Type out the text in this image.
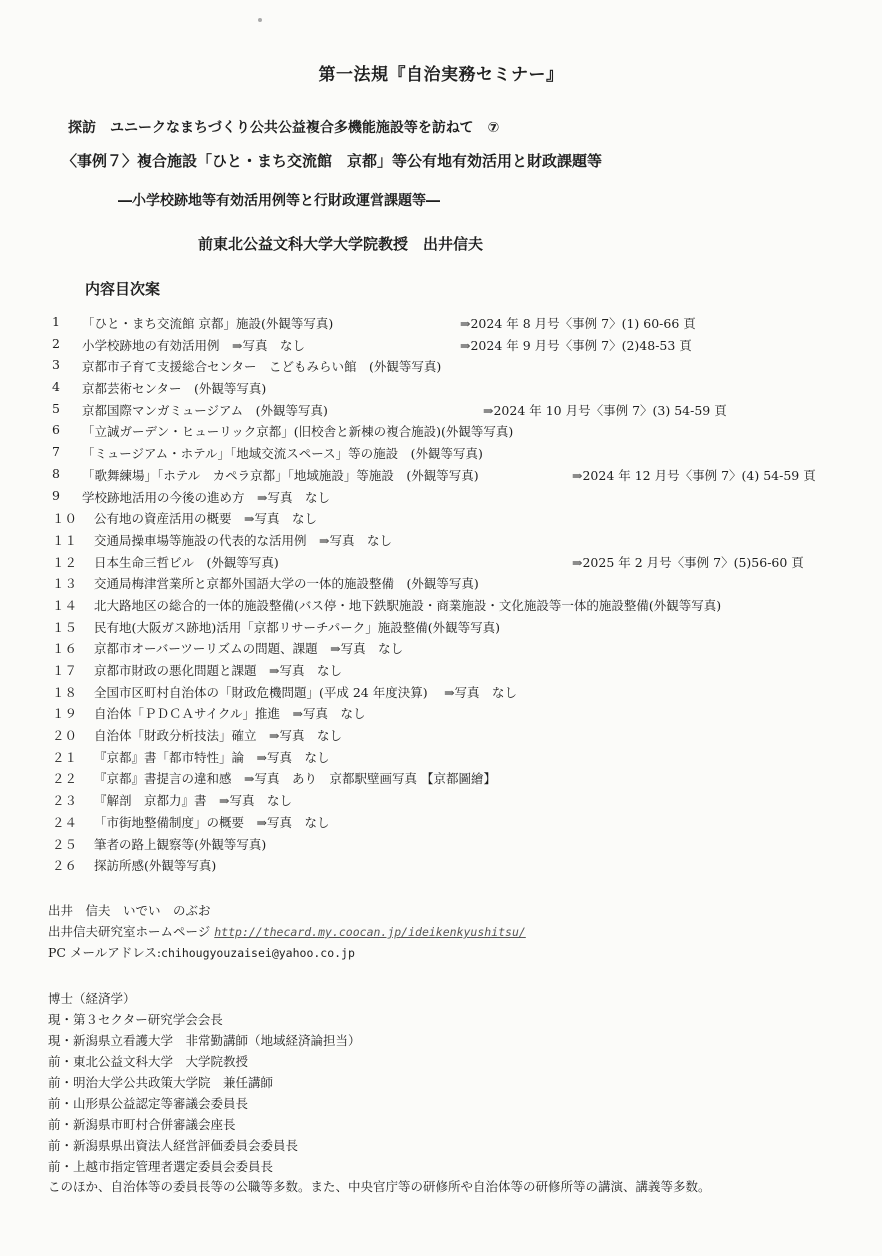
第一法規『自治実務セミナー』
探訪　ユニークなまちづくり公共公益複合多機能施設等を訪ねて　⑦
〈事例７〉複合施設「ひと・まち交流館　京都」等公有地有効活用と財政課題等
―小学校跡地等有効活用例等と行財政運営課題等―
前東北公益文科大学大学院教授　出井信夫
内容目次案
1 「ひと・まち交流館 京都」施設(外観等写真)	⇒2024 年 8 月号〈事例 7〉(1) 60-66 頁
2 小学校跡地の有効活用例　⇒写真　なし	⇒2024 年 9 月号〈事例 7〉(2)48-53 頁
3 京都市子育て支援総合センター　こどもみらい館　(外観等写真)
4 京都芸術センター　(外観等写真)
5 京都国際マンガミュージアム　(外観等写真)	⇒2024 年 10 月号〈事例 7〉(3) 54-59 頁
6 「立誠ガーデン・ヒューリック京都」(旧校舎と新棟の複合施設)(外観等写真)
7 「ミュージアム・ホテル」「地域交流スペース」等の施設　(外観等写真)
8 「歌舞練場」「ホテル　カペラ京都」「地域施設」等施設　(外観等写真)	⇒2024 年 12 月号〈事例 7〉(4) 54-59 頁
9 学校跡地活用の今後の進め方　⇒写真　なし
１０ 公有地の資産活用の概要　⇒写真　なし
１１ 交通局操車場等施設の代表的な活用例　⇒写真　なし
１２ 日本生命三哲ビル　(外観等写真)	⇒2025 年 2 月号〈事例 7〉(5)56-60 頁
１３ 交通局梅津営業所と京都外国語大学の一体的施設整備　(外観等写真)
１４ 北大路地区の総合的一体的施設整備(バス停・地下鉄駅施設・商業施設・文化施設等一体的施設整備(外観等写真)
１５ 民有地(大阪ガス跡地)活用「京都リサーチパーク」施設整備(外観等写真)
１６ 京都市オーバーツーリズムの問題、課題　⇒写真　なし
１７ 京都市財政の悪化問題と課題　⇒写真　なし
１８ 全国市区町村自治体の「財政危機問題」(平成 24 年度決算)　 ⇒写真　なし
１９ 自治体「ＰＤＣＡサイクル」推進　⇒写真　なし
２０ 自治体「財政分析技法」確立　⇒写真　なし
２１ 『京都』書「都市特性」論　⇒写真　なし
２２ 『京都』書提言の違和感　⇒写真　あり　京都駅壁画写真 【京都圖繪】
２３ 『解剖　京都力』書　⇒写真　なし
２４ 「市街地整備制度」の概要　⇒写真　なし
２５ 筆者の路上観察等(外観等写真)
２６ 探訪所感(外観等写真)
出井　信夫　いでい　のぶお
出井信夫研究室ホームページ http://thecard.my.coocan.jp/ideikenkyushitsu/
PC メールアドレス:chihougyouzaisei@yahoo.co.jp
博士（経済学）
現・第３セクター研究学会会長
現・新潟県立看護大学　非常勤講師（地域経済論担当）
前・東北公益文科大学　大学院教授
前・明治大学公共政策大学院　兼任講師
前・山形県公益認定等審議会委員長
前・新潟県市町村合併審議会座長
前・新潟県県出資法人経営評価委員会委員長
前・上越市指定管理者選定委員会委員長
このほか、自治体等の委員長等の公職等多数。また、中央官庁等の研修所や自治体等の研修所等の講演、講義等多数。
